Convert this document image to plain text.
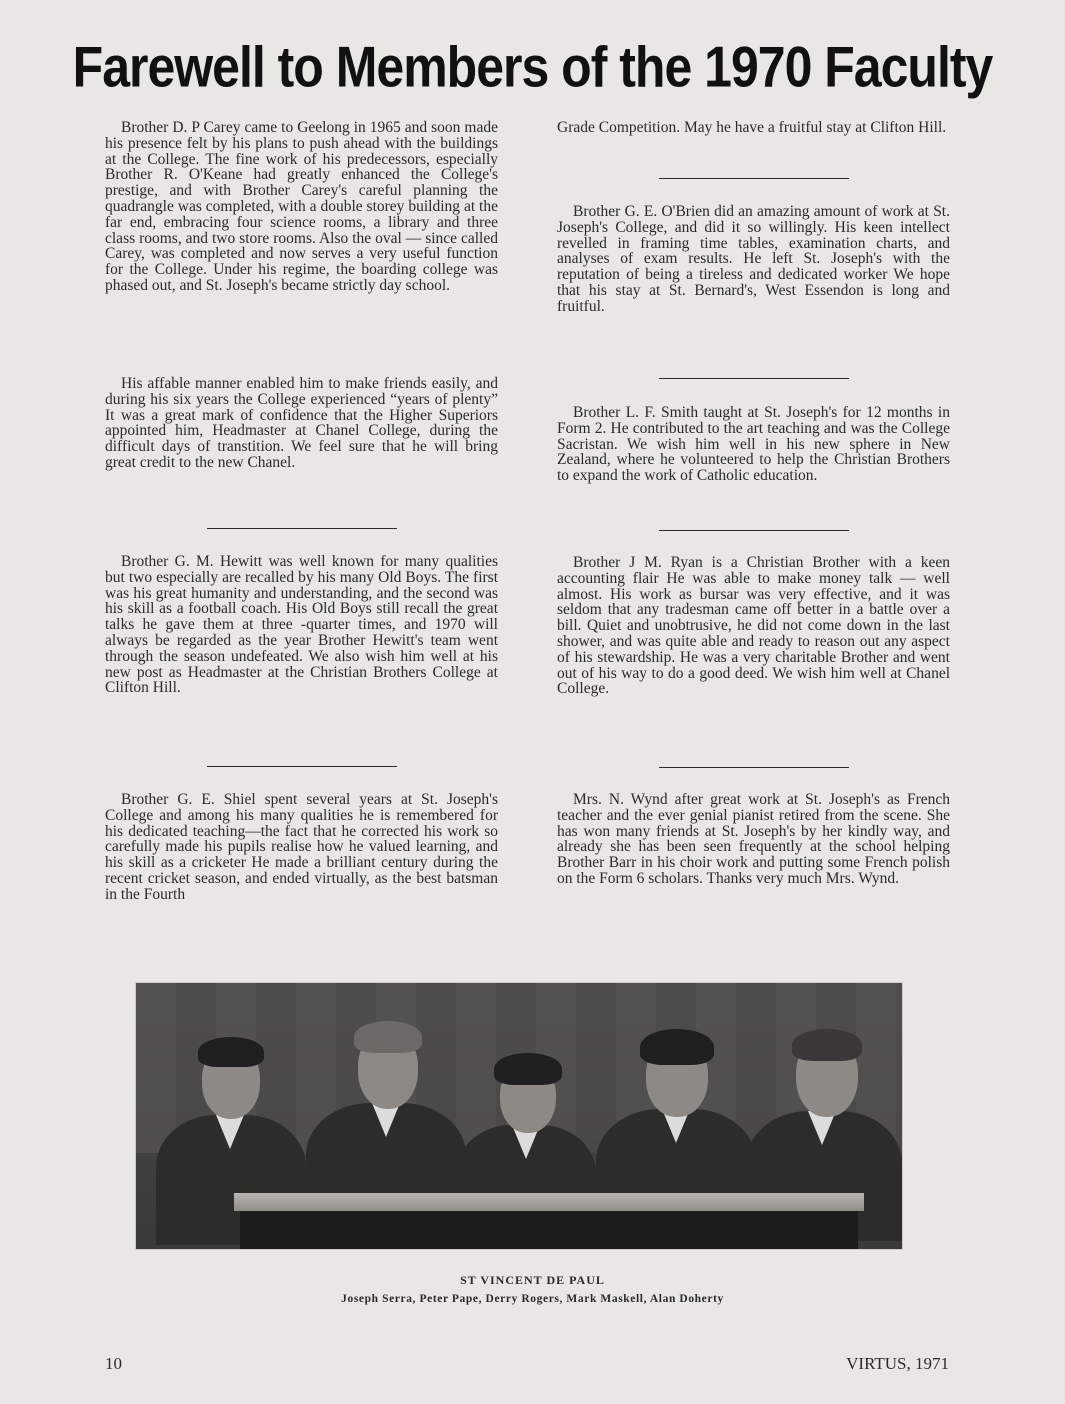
Farewell to Members of the 1970 Faculty

Brother D. P Carey came to Geelong in 1965 and soon made his presence felt by his plans to push ahead with the buildings at the College. The fine work of his predecessors, especially Brother R. O'Keane had greatly enhanced the College's prestige, and with Brother Carey's careful planning the quadrangle was completed, with a double storey building at the far end, embracing four science rooms, a library and three class rooms, and two store rooms. Also the oval — since called Carey, was completed and now serves a very useful function for the College. Under his regime, the boarding college was phased out, and St. Joseph's became strictly day school.

His affable manner enabled him to make friends easily, and during his six years the College experienced “years of plenty” It was a great mark of confidence that the Higher Superiors appointed him, Headmaster at Chanel College, during the difficult days of transtition. We feel sure that he will bring great credit to the new Chanel.

Brother G. M. Hewitt was well known for many qualities but two especially are recalled by his many Old Boys. The first was his great humanity and understanding, and the second was his skill as a football coach. His Old Boys still recall the great talks he gave them at three -quarter times, and 1970 will always be regarded as the year Brother Hewitt's team went through the season undefeated. We also wish him well at his new post as Headmaster at the Christian Brothers College at Clifton Hill.

Brother G. E. Shiel spent several years at St. Joseph's College and among his many qualities he is remembered for his dedicated teaching—the fact that he corrected his work so carefully made his pupils realise how he valued learning, and his skill as a cricketer He made a brilliant century during the recent cricket season, and ended virtually, as the best batsman in the Fourth

Grade Competition. May he have a fruitful stay at Clifton Hill.

Brother G. E. O'Brien did an amazing amount of work at St. Joseph's College, and did it so willingly. His keen intellect revelled in framing time tables, examination charts, and analyses of exam results. He left St. Joseph's with the reputation of being a tireless and dedicated worker We hope that his stay at St. Bernard's, West Essendon is long and fruitful.

Brother L. F. Smith taught at St. Joseph's for 12 months in Form 2. He contributed to the art teaching and was the College Sacristan. We wish him well in his new sphere in New Zealand, where he volunteered to help the Christian Brothers to expand the work of Catholic education.

Brother J M. Ryan is a Christian Brother with a keen accounting flair He was able to make money talk — well almost. His work as bursar was very effective, and it was seldom that any tradesman came off better in a battle over a bill. Quiet and unobtrusive, he did not come down in the last shower, and was quite able and ready to reason out any aspect of his stewardship. He was a very charitable Brother and went out of his way to do a good deed. We wish him well at Chanel College.

Mrs. N. Wynd after great work at St. Joseph's as French teacher and the ever genial pianist retired from the scene. She has won many friends at St. Joseph's by her kindly way, and already she has been seen frequently at the school helping Brother Barr in his choir work and putting some French polish on the Form 6 scholars. Thanks very much Mrs. Wynd.

ST VINCENT DE PAUL
Joseph Serra, Peter Pape, Derry Rogers, Mark Maskell, Alan Doherty
10	VIRTUS, 1971
